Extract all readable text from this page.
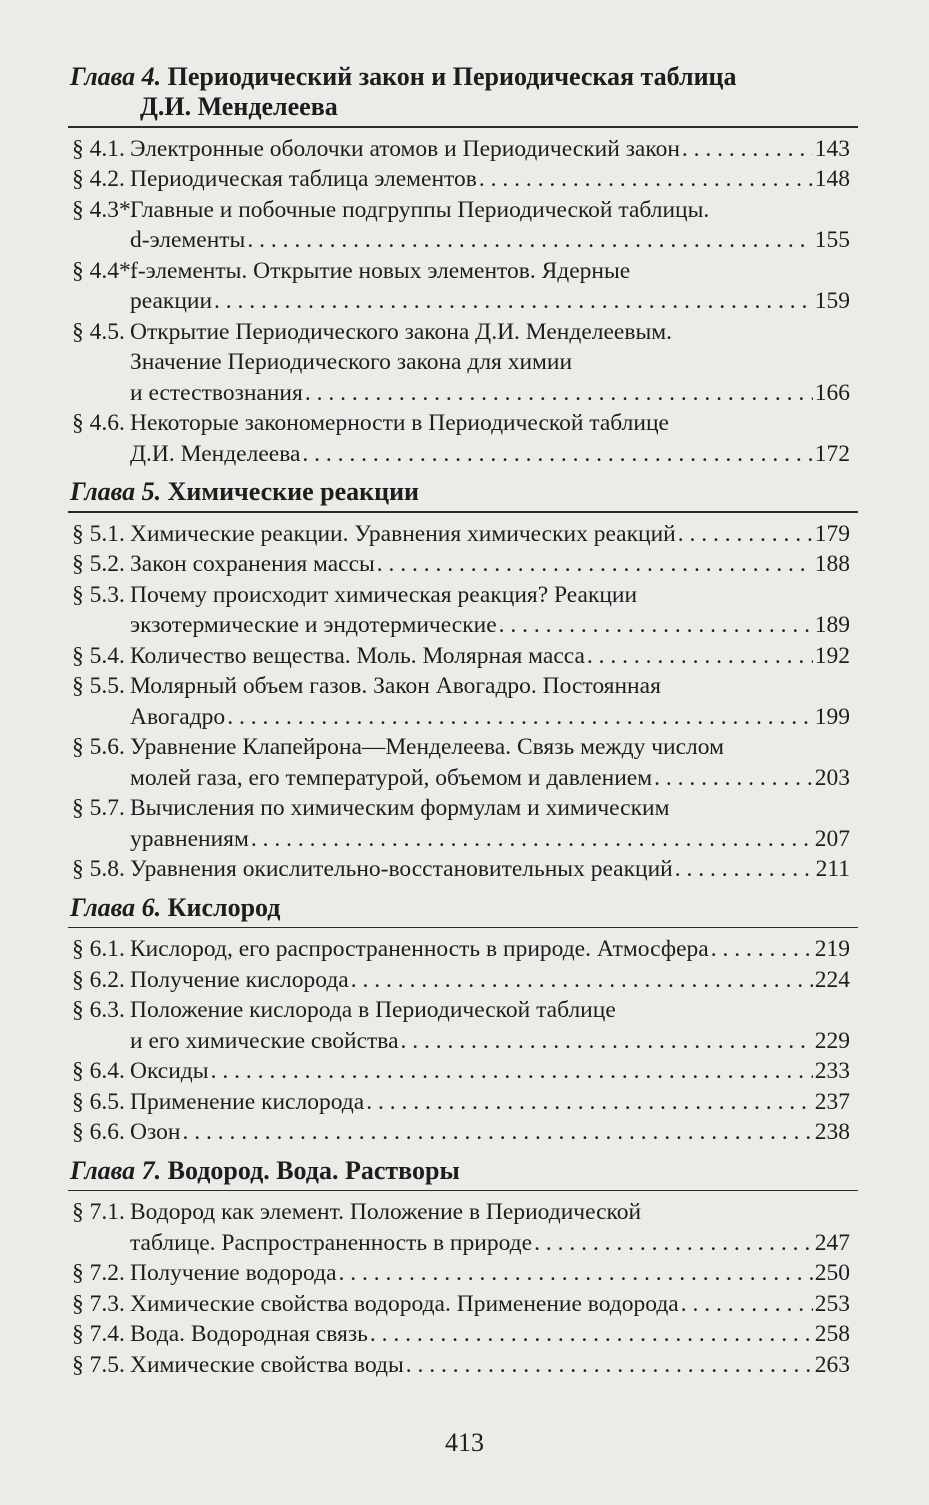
Глава 4. Периодический закон и Периодическая таблица
Д.И. Менделеева
§ 4.1. Электронные оболочки атомов и Периодический закон . . .	143
§ 4.2. Периодическая таблица элементов . . .	148
§ 4.3*.
Главные и побочные подгруппы Периодической таблицы.
d-элементы . . .	155
§ 4.4*.
f-элементы. Открытие новых элементов. Ядерные
реакции . . .	159
§ 4.5. Открытие Периодического закона Д.И. Менделеевым.
Значение Периодического закона для химии
и естествознания . . .	166
§ 4.6. Некоторые закономерности в Периодической таблице
Д.И. Менделеева . . .	172
Глава 5. Химические реакции
§ 5.1. Химические реакции. Уравнения химических реакций . . .	179
§ 5.2. Закон сохранения массы . . .	188
§ 5.3. Почему происходит химическая реакция? Реакции
экзотермические и эндотермические . . .	189
§ 5.4. Количество вещества. Моль. Молярная масса . . .	192
§ 5.5. Молярный объем газов. Закон Авогадро. Постоянная
Авогадро . . .	199
§ 5.6. Уравнение Клапейрона—Менделеева. Связь между числом
молей газа, его температурой, объемом и давлением . . .	203
§ 5.7. Вычисления по химическим формулам и химическим
уравнениям . . .	207
§ 5.8. Уравнения окислительно-восстановительных реакций . . .	211
Глава 6. Кислород
§ 6.1. Кислород, его распространенность в природе. Атмосфера . . .	219
§ 6.2. Получение кислорода . . .	224
§ 6.3. Положение кислорода в Периодической таблице
и его химические свойства . . .	229
§ 6.4. Оксиды . . .	233
§ 6.5. Применение кислорода . . .	237
§ 6.6. Озон . . .	238
Глава 7. Водород. Вода. Растворы
§ 7.1. Водород как элемент. Положение в Периодической
таблице. Распространенность в природе . . .	247
§ 7.2. Получение водорода . . .	250
§ 7.3. Химические свойства водорода. Применение водорода . . .	253
§ 7.4. Вода. Водородная связь . . .	258
§ 7.5. Химические свойства воды . . .	263
413
